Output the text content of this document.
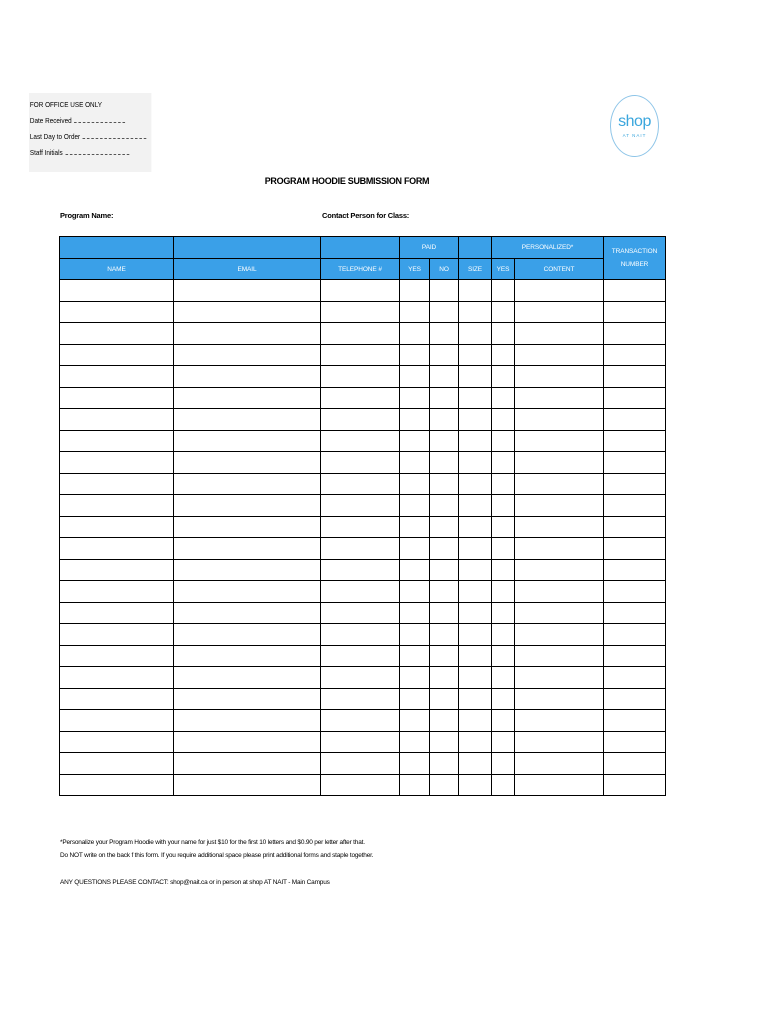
FOR OFFICE USE ONLY
Date Received
Last Day to Order
Staff Initials
shop
AT NAIT
PROGRAM HOODIE SUBMISSION FORM
Program Name:	Contact Person for Class:
			PAID			PERSONALIZED*		TRANSACTION NUMBER
NAME	EMAIL	TELEPHONE #	YES	NO	SIZE	YES	CONTENT	

*Personalize your Program Hoodie with your name for just $10 for the first 10 letters and $0.90 per letter after that.
Do NOT write on the back f this form. If you require additional space please print additional forms and staple together.
ANY QUESTIONS PLEASE CONTACT: shop@nait.ca or in person at shop AT NAIT - Main Campus
